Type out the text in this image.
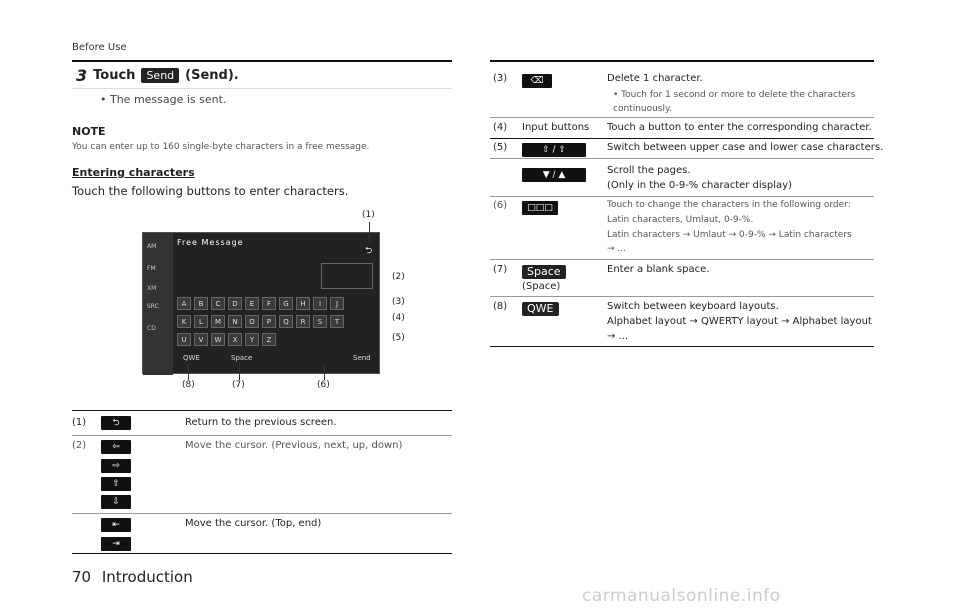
Before Use
3 Touch	Send (Send).
• The message is sent.
NOTE
You can enter up to 160 single-byte characters in a free message.
Entering characters
Touch the following buttons to enter characters.
AM
FM
XM
SRC
CD
Free Message
⮌
A	B	C	D	E	F	G	H	I	J
K	L	M	N	O	P	Q	R	S	T
U	V	W	X	Y	Z
QWE	Space	Send
(1)
(2)
(3)
(4)
(5)
(8)	(7)	(6)
(1)	⮌	Return to the previous screen.
(2)	⇦
⇨
⇧
⇩
Move the cursor. (Previous, next, up, down)
⇤
⇥
Move the cursor. (Top, end)
(3)	⌫	Delete 1 character.
• Touch for 1 second or more to delete the characters continuously.
(4) Input buttons Touch a button to enter the corresponding character.
(5)	⇧ / ⇧	Switch between upper case and lower case characters.
▼ / ▲	Scroll the pages.
(Only in the 0-9-% character display)
(6)	□□□	Touch to change the characters in the following order:
Latin characters, Umlaut, 0-9-%.
Latin characters → Umlaut → 0-9-% → Latin characters
→ ...
(7)	Space
(Space)
Enter a blank space.
(8)	QWE	Switch between keyboard layouts.
Alphabet layout → QWERTY layout → Alphabet layout
→ ...
70 Introduction
carmanualsonline.info
